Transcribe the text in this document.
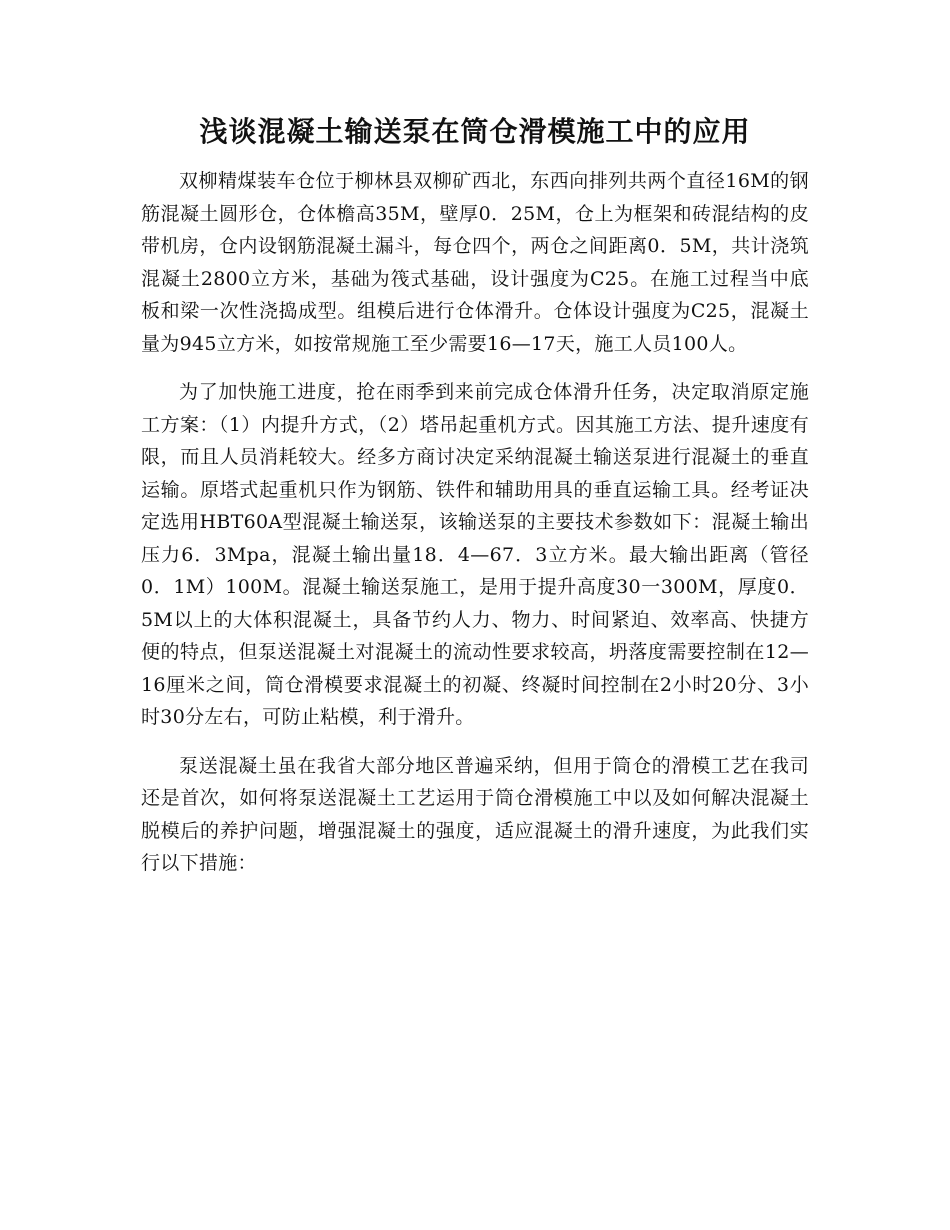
浅谈混凝土输送泵在筒仓滑模施工中的应用

双柳精煤装车仓位于柳林县双柳矿西北，东西向排列共两个直径16M的钢筋混凝土圆形仓，仓体檐高35M，壁厚0．25M，仓上为框架和砖混结构的皮带机房，仓内设钢筋混凝土漏斗，每仓四个，两仓之间距离0．5M，共计浇筑混凝土2800立方米，基础为筏式基础，设计强度为C25。在施工过程当中底板和梁一次性浇捣成型。组模后进行仓体滑升。仓体设计强度为C25，混凝土量为945立方米，如按常规施工至少需要16—17天，施工人员100人。

为了加快施工进度，抢在雨季到来前完成仓体滑升任务，决定取消原定施工方案：（1）内提升方式，（2）塔吊起重机方式。因其施工方法、提升速度有限，而且人员消耗较大。经多方商讨决定采纳混凝土输送泵进行混凝土的垂直运输。原塔式起重机只作为钢筋、铁件和辅助用具的垂直运输工具。经考证决定选用HBT60A型混凝土输送泵，该输送泵的主要技术参数如下：混凝土输出压力6．3Mpa，混凝土输出量18．4—67．3立方米。最大输出距离（管径0．1M）100M。混凝土输送泵施工，是用于提升高度30一300M，厚度0．5M以上的大体积混凝土，具备节约人力、物力、时间紧迫、效率高、快捷方便的特点，但泵送混凝土对混凝土的流动性要求较高，坍落度需要控制在12—16厘米之间，筒仓滑模要求混凝土的初凝、终凝时间控制在2小时20分、3小时30分左右，可防止粘模，利于滑升。

泵送混凝土虽在我省大部分地区普遍采纳，但用于筒仓的滑模工艺在我司还是首次，如何将泵送混凝土工艺运用于筒仓滑模施工中以及如何解决混凝土脱模后的养护问题，增强混凝土的强度，适应混凝土的滑升速度，为此我们实行以下措施：
